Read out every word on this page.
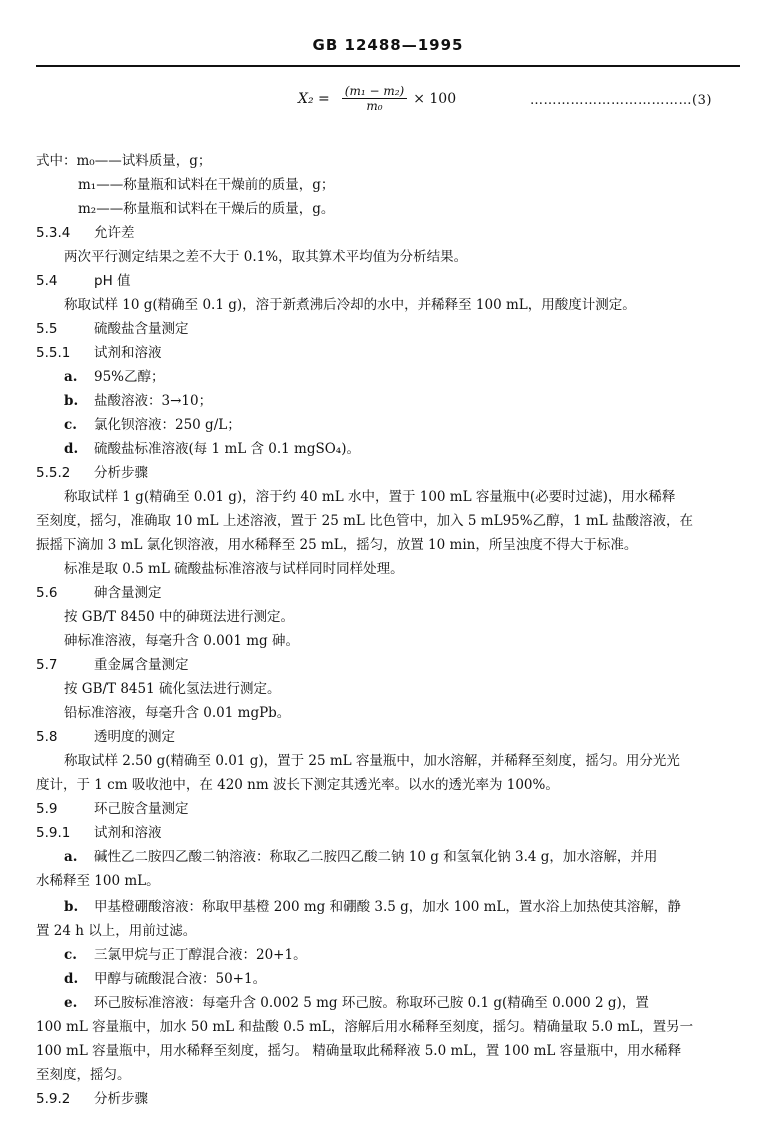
GB 12488—1995
$X_2 = \frac{\text{(m₁ − m₂)}}{\text{m₀}} \times 100$	………………………………(3)
式中：m₀——试料质量，g；
m₁——称量瓶和试料在干燥前的质量，g；
m₂——称量瓶和试料在干燥后的质量，g。
5.3.4 允许差
两次平行测定结果之差不大于 0.1%，取其算术平均值为分析结果。
5.4	pH 值
称取试样 10 g(精确至 0.1 g)，溶于新煮沸后冷却的水中，并稀释至 100 mL，用酸度计测定。
5.5	硫酸盐含量测定
5.5.1 试剂和溶液
a. 95%乙醇；
b. 盐酸溶液：3→10；
c. 氯化钡溶液：250 g/L；
d. 硫酸盐标准溶液(每 1 mL 含 0.1 mgSO₄)。
5.5.2 分析步骤
称取试样 1 g(精确至 0.01 g)，溶于约 40 mL 水中，置于 100 mL 容量瓶中(必要时过滤)，用水稀释
至刻度，摇匀，准确取 10 mL 上述溶液，置于 25 mL 比色管中，加入 5 mL95%乙醇，1 mL 盐酸溶液，在
振摇下滴加 3 mL 氯化钡溶液，用水稀释至 25 mL，摇匀，放置 10 min，所呈浊度不得大于标准。
标准是取 0.5 mL 硫酸盐标准溶液与试样同时同样处理。
5.6	砷含量测定
按 GB/T 8450 中的砷斑法进行测定。
砷标准溶液，每毫升含 0.001 mg 砷。
5.7	重金属含量测定
按 GB/T 8451 硫化氢法进行测定。
铅标准溶液，每毫升含 0.01 mgPb。
5.8	透明度的测定
称取试样 2.50 g(精确至 0.01 g)，置于 25 mL 容量瓶中，加水溶解，并稀释至刻度，摇匀。用分光光
度计，于 1 cm 吸收池中，在 420 nm 波长下测定其透光率。以水的透光率为 100%。
5.9	环己胺含量测定
5.9.1 试剂和溶液
a. 碱性乙二胺四乙酸二钠溶液：称取乙二胺四乙酸二钠 10 g 和氢氧化钠 3.4 g，加水溶解，并用
水稀释至 100 mL。
b. 甲基橙硼酸溶液：称取甲基橙 200 mg 和硼酸 3.5 g，加水 100 mL，置水浴上加热使其溶解，静
置 24 h 以上，用前过滤。
c. 三氯甲烷与正丁醇混合液：20+1。
d. 甲醇与硫酸混合液：50+1。
e. 环己胺标准溶液：每毫升含 0.002 5 mg 环己胺。称取环己胺 0.1 g(精确至 0.000 2 g)，置
100 mL 容量瓶中，加水 50 mL 和盐酸 0.5 mL，溶解后用水稀释至刻度，摇匀。精确量取 5.0 mL，置另一
100 mL 容量瓶中，用水稀释至刻度，摇匀。 精确量取此稀释液 5.0 mL，置 100 mL 容量瓶中，用水稀释
至刻度，摇匀。
5.9.2 分析步骤
